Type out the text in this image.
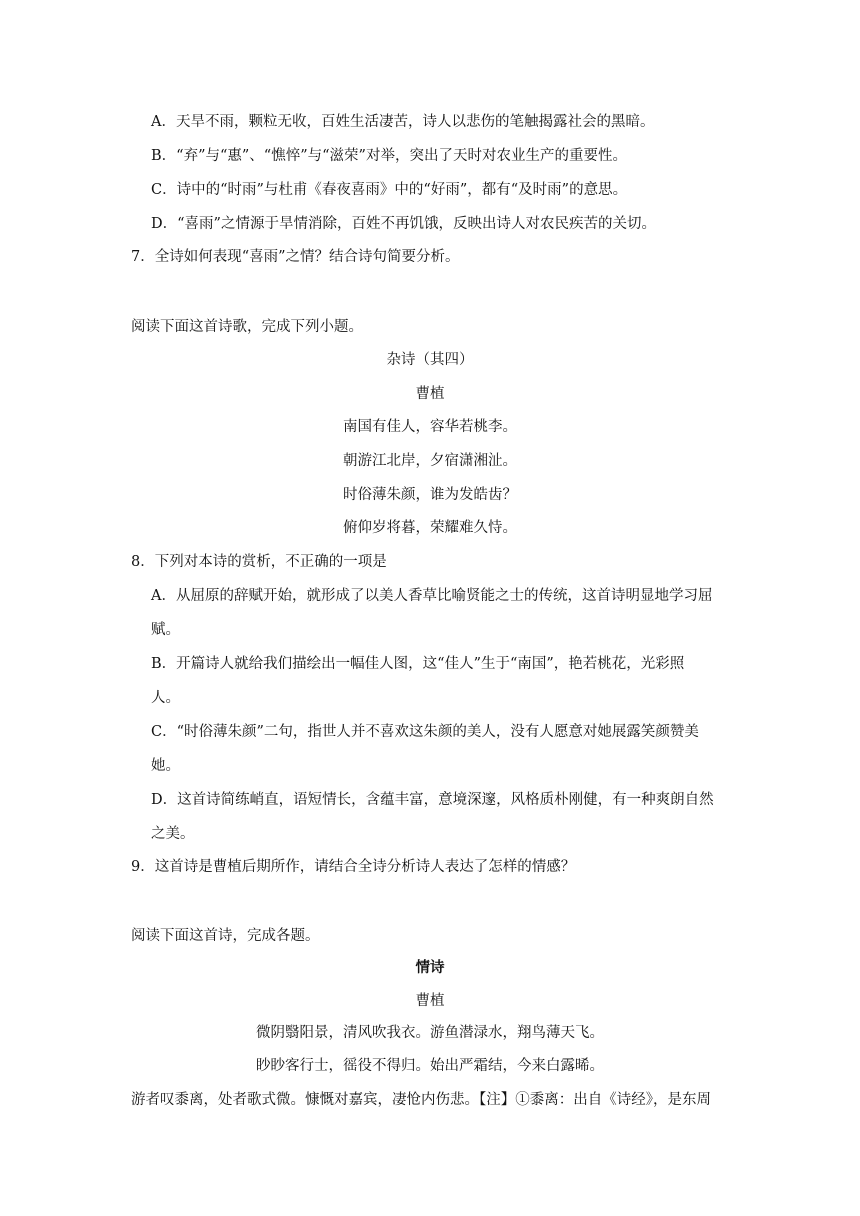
A．天旱不雨，颗粒无收，百姓生活凄苦，诗人以悲伤的笔触揭露社会的黑暗。
B．“弃”与“惠”、“憔悴”与“滋荣”对举，突出了天时对农业生产的重要性。
C．诗中的“时雨”与杜甫《春夜喜雨》中的“好雨”，都有“及时雨”的意思。
D．“喜雨”之情源于旱情消除，百姓不再饥饿，反映出诗人对农民疾苦的关切。
7．全诗如何表现“喜雨”之情？结合诗句简要分析。
阅读下面这首诗歌，完成下列小题。
杂诗（其四）
曹植
南国有佳人，容华若桃李。
朝游江北岸，夕宿潇湘沚。
时俗薄朱颜，谁为发皓齿？
俯仰岁将暮，荣耀难久恃。
8．下列对本诗的赏析，不正确的一项是
A．从屈原的辞赋开始，就形成了以美人香草比喻贤能之士的传统，这首诗明显地学习屈
赋。
B．开篇诗人就给我们描绘出一幅佳人图，这“佳人”生于“南国”，艳若桃花，光彩照
人。
C．“时俗薄朱颜”二句，指世人并不喜欢这朱颜的美人，没有人愿意对她展露笑颜赞美
她。
D．这首诗简练峭直，语短情长，含蕴丰富，意境深邃，风格质朴刚健，有一种爽朗自然
之美。
9．这首诗是曹植后期所作，请结合全诗分析诗人表达了怎样的情感？
阅读下面这首诗，完成各题。
情诗
曹植
微阴翳阳景，清风吹我衣。游鱼潜渌水，翔鸟薄天飞。
眇眇客行士，徭役不得归。始出严霜结，今来白露晞。
游者叹黍离，处者歌式微。慷慨对嘉宾，凄怆内伤悲。【注】①黍离：出自《诗经》，是东周
